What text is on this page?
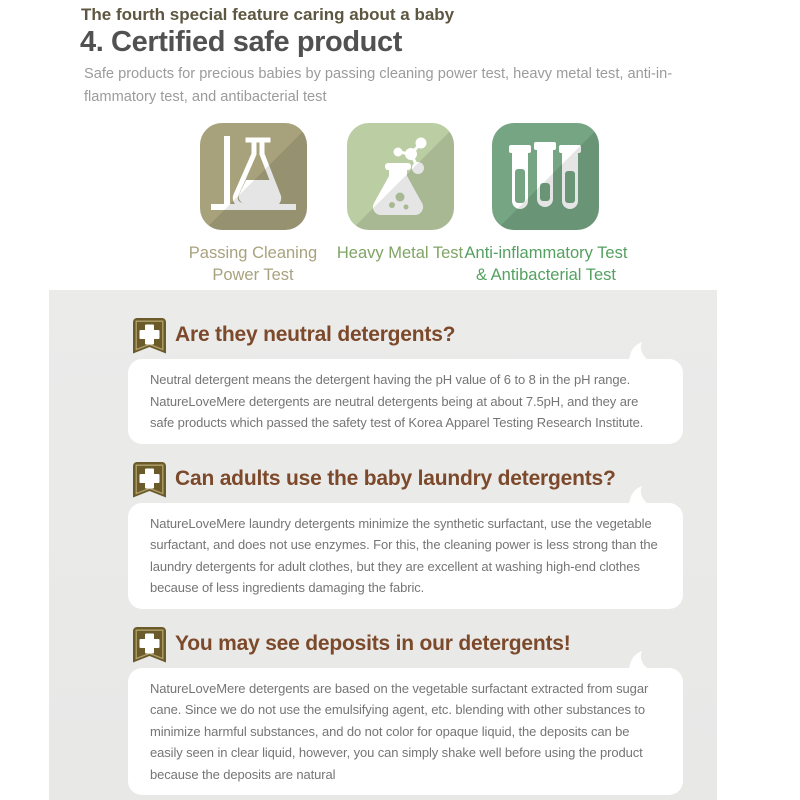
The fourth special feature caring about a baby
4. Certified safe product
Safe products for precious babies by passing cleaning power test, heavy metal test, anti-in-
flammatory test, and antibacterial test
Passing Cleaning
Power Test
Heavy Metal Test Anti-inflammatory Test
& Antibacterial Test
Are they neutral detergents?
Neutral detergent means the detergent having the pH value of 6 to 8 in the pH range. NatureLoveMere detergents are neutral detergents being at about 7.5pH, and they are safe products which passed the safety test of Korea Apparel Testing Research Institute.
Can adults use the baby laundry detergents?
NatureLoveMere laundry detergents minimize the synthetic surfactant, use the vegetable surfactant, and does not use enzymes. For this, the cleaning power is less strong than the laundry detergents for adult clothes, but they are excellent at washing high-end clothes because of less ingredients damaging the fabric.
You may see deposits in our detergents!
NatureLoveMere detergents are based on the vegetable surfactant extracted from sugar cane. Since we do not use the emulsifying agent, etc. blending with other substances to minimize harmful substances, and do not color for opaque liquid, the deposits can be easily seen in clear liquid, however, you can simply shake well before using the product because the deposits are natural
